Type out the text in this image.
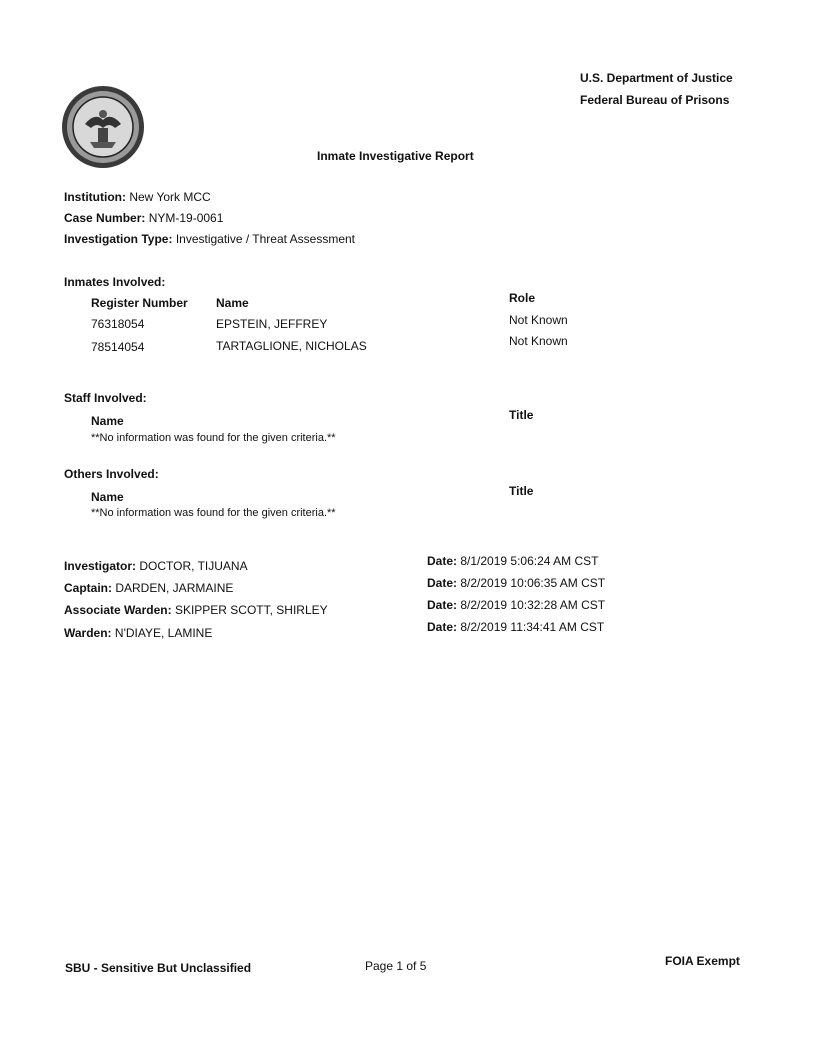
U.S. Department of Justice
Federal Bureau of Prisons
Inmate Investigative Report
Institution: New York MCC
Case Number: NYM-19-0061
Investigation Type: Investigative / Threat Assessment
Inmates Involved:
Register Number Name	Role
76318054	EPSTEIN, JEFFREY	Not Known
78514054	TARTAGLIONE, NICHOLAS	Not Known
Staff Involved:
Name	Title
**No information was found for the given criteria.**
Others Involved:
Name	Title
**No information was found for the given criteria.**
Investigator: DOCTOR, TIJUANA	Date: 8/1/2019 5:06:24 AM CST
Captain: DARDEN, JARMAINE	Date: 8/2/2019 10:06:35 AM CST
Associate Warden: SKIPPER SCOTT, SHIRLEY	Date: 8/2/2019 10:32:28 AM CST
Warden: N'DIAYE, LAMINE	Date: 8/2/2019 11:34:41 AM CST
SBU - Sensitive But Unclassified	Page 1 of 5	FOIA Exempt
